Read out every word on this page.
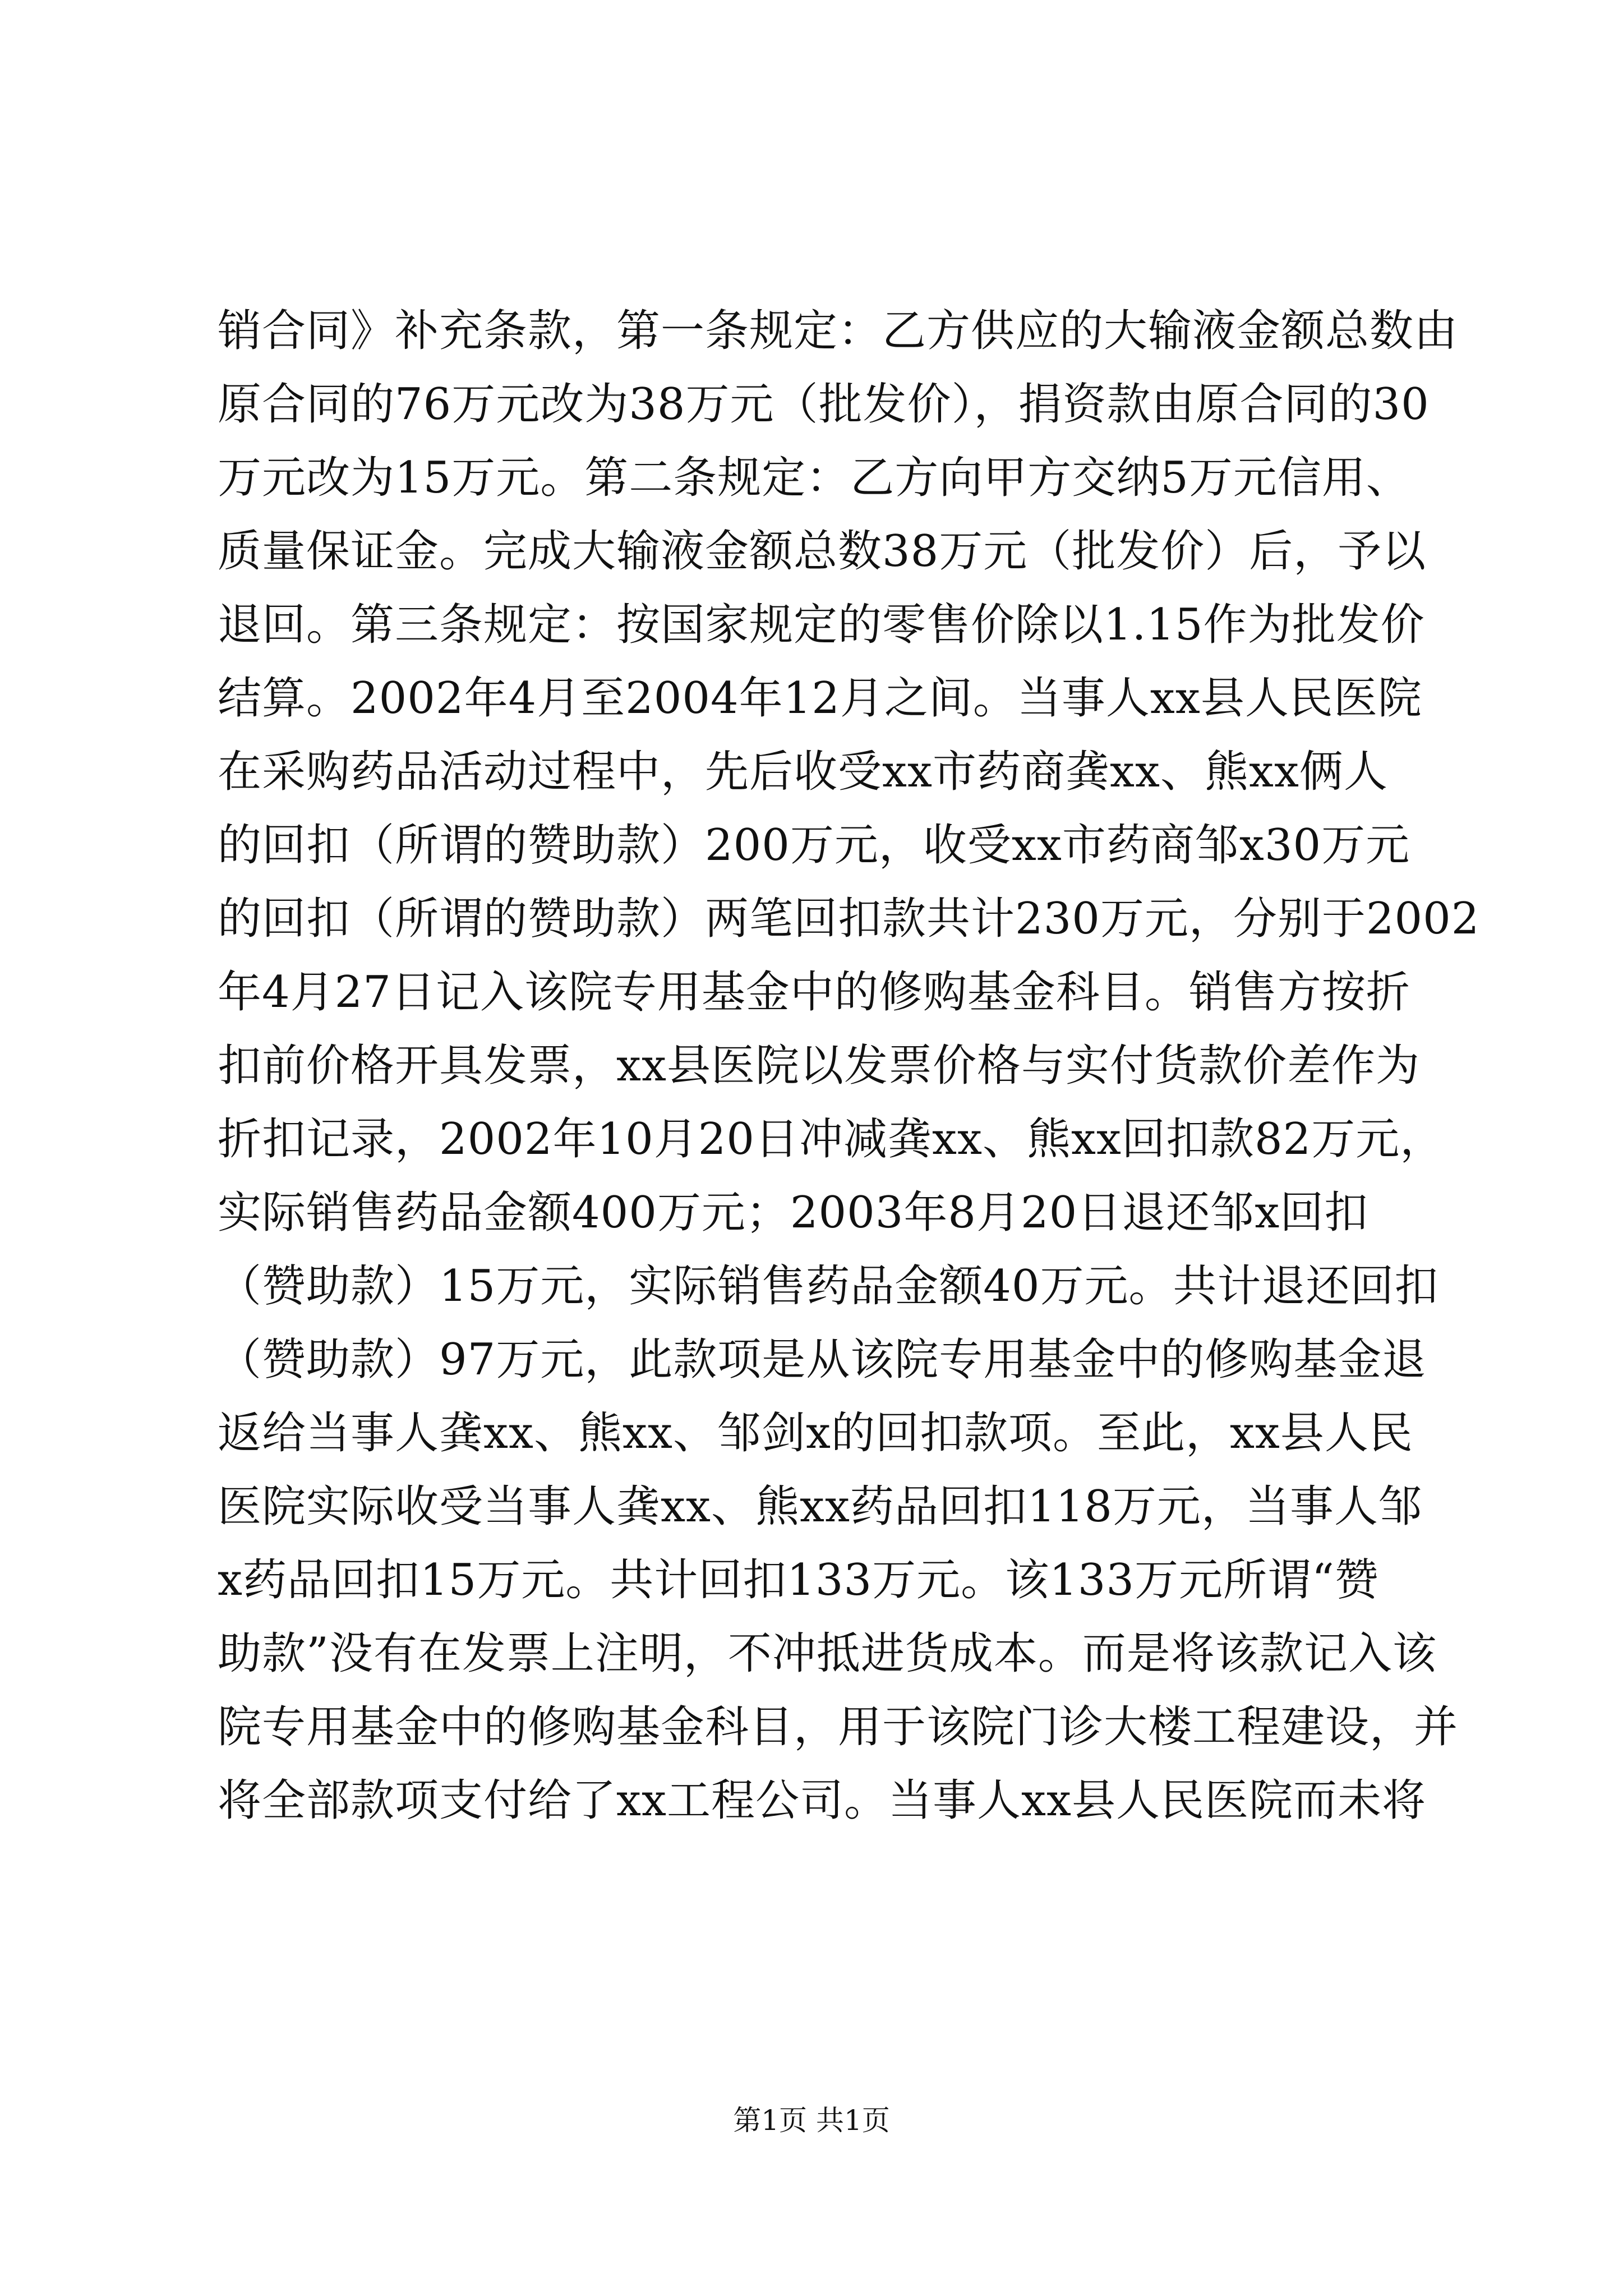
销合同》补充条款，第一条规定：乙方供应的大输液金额总数由
原合同的76万元改为38万元（批发价），捐资款由原合同的30
万元改为15万元。第二条规定：乙方向甲方交纳5万元信用、
质量保证金。完成大输液金额总数38万元（批发价）后，予以
退回。第三条规定：按国家规定的零售价除以1.15作为批发价
结算。2002年4月至2004年12月之间。当事人xx县人民医院
在采购药品活动过程中，先后收受xx市药商龚xx、熊xx俩人
的回扣（所谓的赞助款）200万元，收受xx市药商邹x30万元
的回扣（所谓的赞助款）两笔回扣款共计230万元，分别于2002
年4月27日记入该院专用基金中的修购基金科目。销售方按折
扣前价格开具发票，xx县医院以发票价格与实付货款价差作为
折扣记录，2002年10月20日冲减龚xx、熊xx回扣款82万元，
实际销售药品金额400万元；2003年8月20日退还邹x回扣
（赞助款）15万元，实际销售药品金额40万元。共计退还回扣
（赞助款）97万元，此款项是从该院专用基金中的修购基金退
返给当事人龚xx、熊xx、邹剑x的回扣款项。至此，xx县人民
医院实际收受当事人龚xx、熊xx药品回扣118万元，当事人邹
x药品回扣15万元。共计回扣133万元。该133万元所谓“赞
助款”没有在发票上注明，不冲抵进货成本。而是将该款记入该
院专用基金中的修购基金科目，用于该院门诊大楼工程建设，并
将全部款项支付给了xx工程公司。当事人xx县人民医院而未将
第1页 共1页
